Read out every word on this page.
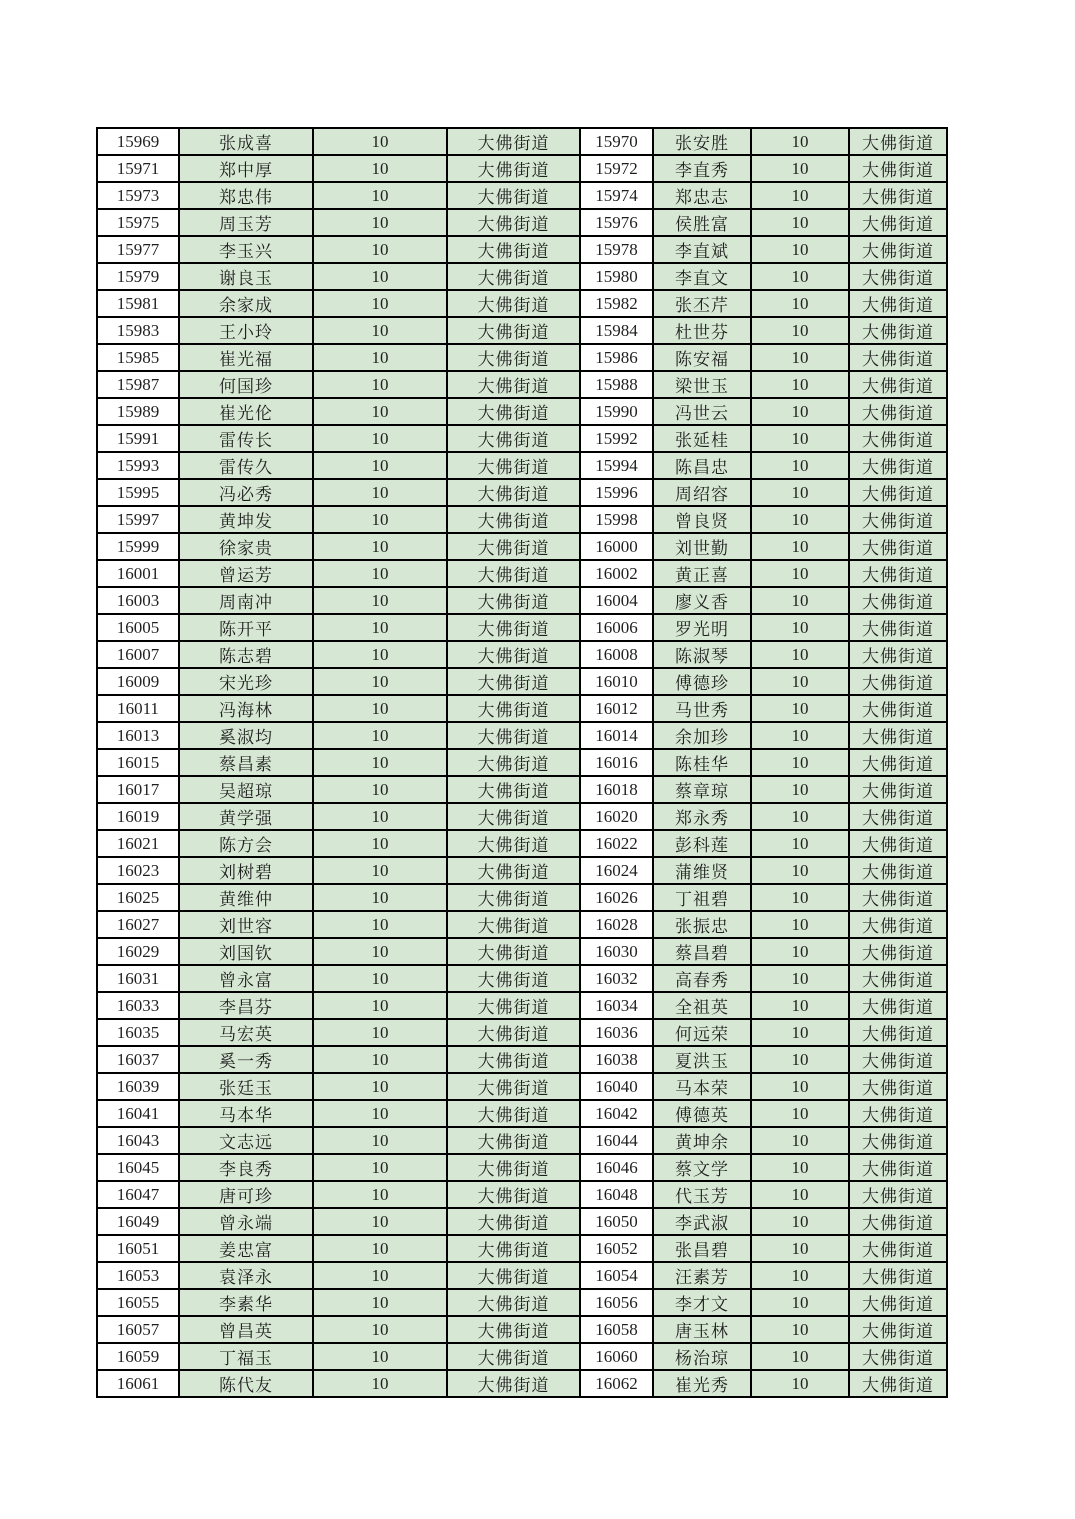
15969	张成喜	10	大佛街道	15970	张安胜	10	大佛街道
15971	郑中厚	10	大佛街道	15972	李直秀	10	大佛街道
15973	郑忠伟	10	大佛街道	15974	郑忠志	10	大佛街道
15975	周玉芳	10	大佛街道	15976	侯胜富	10	大佛街道
15977	李玉兴	10	大佛街道	15978	李直斌	10	大佛街道
15979	谢良玉	10	大佛街道	15980	李直文	10	大佛街道
15981	余家成	10	大佛街道	15982	张丕芹	10	大佛街道
15983	王小玲	10	大佛街道	15984	杜世芬	10	大佛街道
15985	崔光福	10	大佛街道	15986	陈安福	10	大佛街道
15987	何国珍	10	大佛街道	15988	梁世玉	10	大佛街道
15989	崔光伦	10	大佛街道	15990	冯世云	10	大佛街道
15991	雷传长	10	大佛街道	15992	张延桂	10	大佛街道
15993	雷传久	10	大佛街道	15994	陈昌忠	10	大佛街道
15995	冯必秀	10	大佛街道	15996	周绍容	10	大佛街道
15997	黄坤发	10	大佛街道	15998	曾良贤	10	大佛街道
15999	徐家贵	10	大佛街道	16000	刘世勤	10	大佛街道
16001	曾运芳	10	大佛街道	16002	黄正喜	10	大佛街道
16003	周南冲	10	大佛街道	16004	廖义香	10	大佛街道
16005	陈开平	10	大佛街道	16006	罗光明	10	大佛街道
16007	陈志碧	10	大佛街道	16008	陈淑琴	10	大佛街道
16009	宋光珍	10	大佛街道	16010	傅德珍	10	大佛街道
16011	冯海林	10	大佛街道	16012	马世秀	10	大佛街道
16013	奚淑均	10	大佛街道	16014	余加珍	10	大佛街道
16015	蔡昌素	10	大佛街道	16016	陈桂华	10	大佛街道
16017	吴超琼	10	大佛街道	16018	蔡章琼	10	大佛街道
16019	黄学强	10	大佛街道	16020	郑永秀	10	大佛街道
16021	陈方会	10	大佛街道	16022	彭科莲	10	大佛街道
16023	刘树碧	10	大佛街道	16024	蒲维贤	10	大佛街道
16025	黄维仲	10	大佛街道	16026	丁祖碧	10	大佛街道
16027	刘世容	10	大佛街道	16028	张振忠	10	大佛街道
16029	刘国钦	10	大佛街道	16030	蔡昌碧	10	大佛街道
16031	曾永富	10	大佛街道	16032	高春秀	10	大佛街道
16033	李昌芬	10	大佛街道	16034	全祖英	10	大佛街道
16035	马宏英	10	大佛街道	16036	何远荣	10	大佛街道
16037	奚一秀	10	大佛街道	16038	夏洪玉	10	大佛街道
16039	张廷玉	10	大佛街道	16040	马本荣	10	大佛街道
16041	马本华	10	大佛街道	16042	傅德英	10	大佛街道
16043	文志远	10	大佛街道	16044	黄坤余	10	大佛街道
16045	李良秀	10	大佛街道	16046	蔡文学	10	大佛街道
16047	唐可珍	10	大佛街道	16048	代玉芳	10	大佛街道
16049	曾永端	10	大佛街道	16050	李武淑	10	大佛街道
16051	姜忠富	10	大佛街道	16052	张昌碧	10	大佛街道
16053	袁泽永	10	大佛街道	16054	汪素芳	10	大佛街道
16055	李素华	10	大佛街道	16056	李才文	10	大佛街道
16057	曾昌英	10	大佛街道	16058	唐玉林	10	大佛街道
16059	丁福玉	10	大佛街道	16060	杨治琼	10	大佛街道
16061	陈代友	10	大佛街道	16062	崔光秀	10	大佛街道
